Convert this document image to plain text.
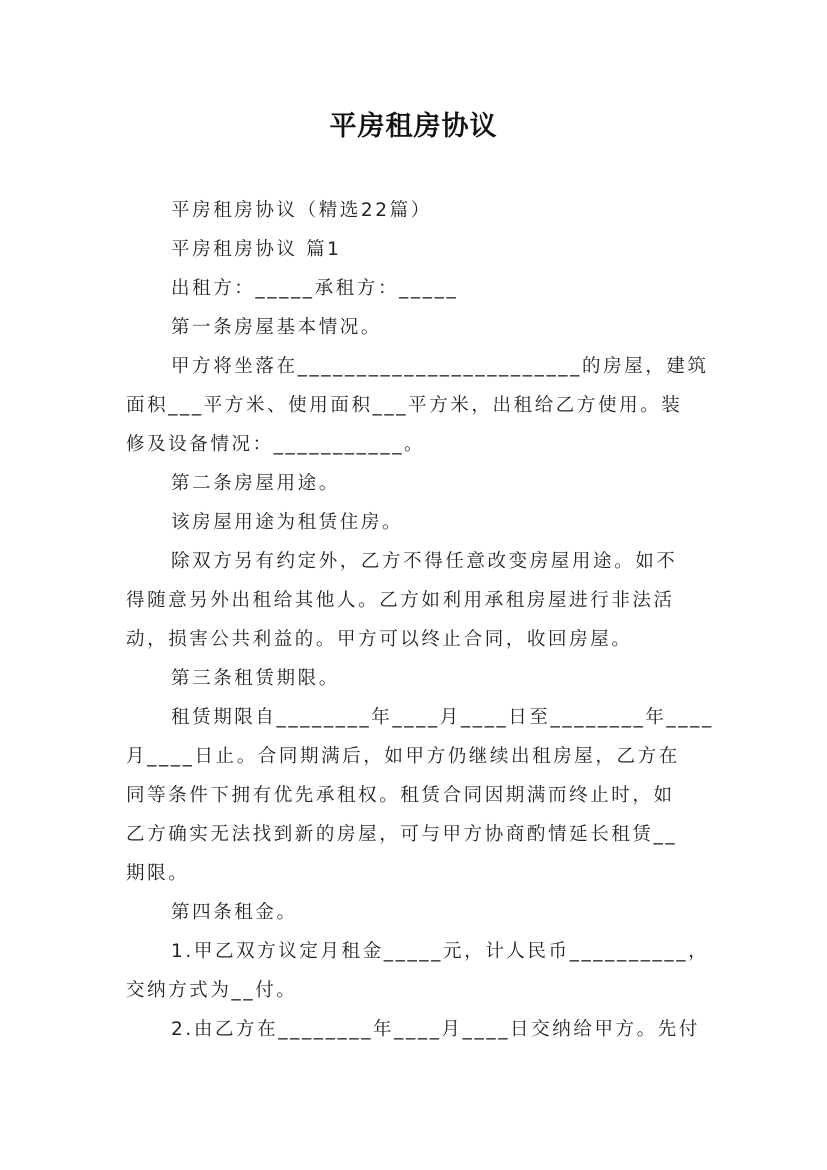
平房租房协议
平房租房协议（精选22篇）
平房租房协议 篇1
出租方：_____承租方：_____
第一条房屋基本情况。
甲方将坐落在________________________的房屋，建筑
面积___平方米、使用面积___平方米，出租给乙方使用。装
修及设备情况：___________。
第二条房屋用途。
该房屋用途为租赁住房。
除双方另有约定外，乙方不得任意改变房屋用途。如不
得随意另外出租给其他人。乙方如利用承租房屋进行非法活
动，损害公共利益的。甲方可以终止合同，收回房屋。
第三条租赁期限。
租赁期限自________年____月____日至________年____
月____日止。合同期满后，如甲方仍继续出租房屋，乙方在
同等条件下拥有优先承租权。租赁合同因期满而终止时，如
乙方确实无法找到新的房屋，可与甲方协商酌情延长租赁__
期限。
第四条租金。
1.甲乙双方议定月租金_____元，计人民币__________，
交纳方式为__付。
2.由乙方在________年____月____日交纳给甲方。先付
